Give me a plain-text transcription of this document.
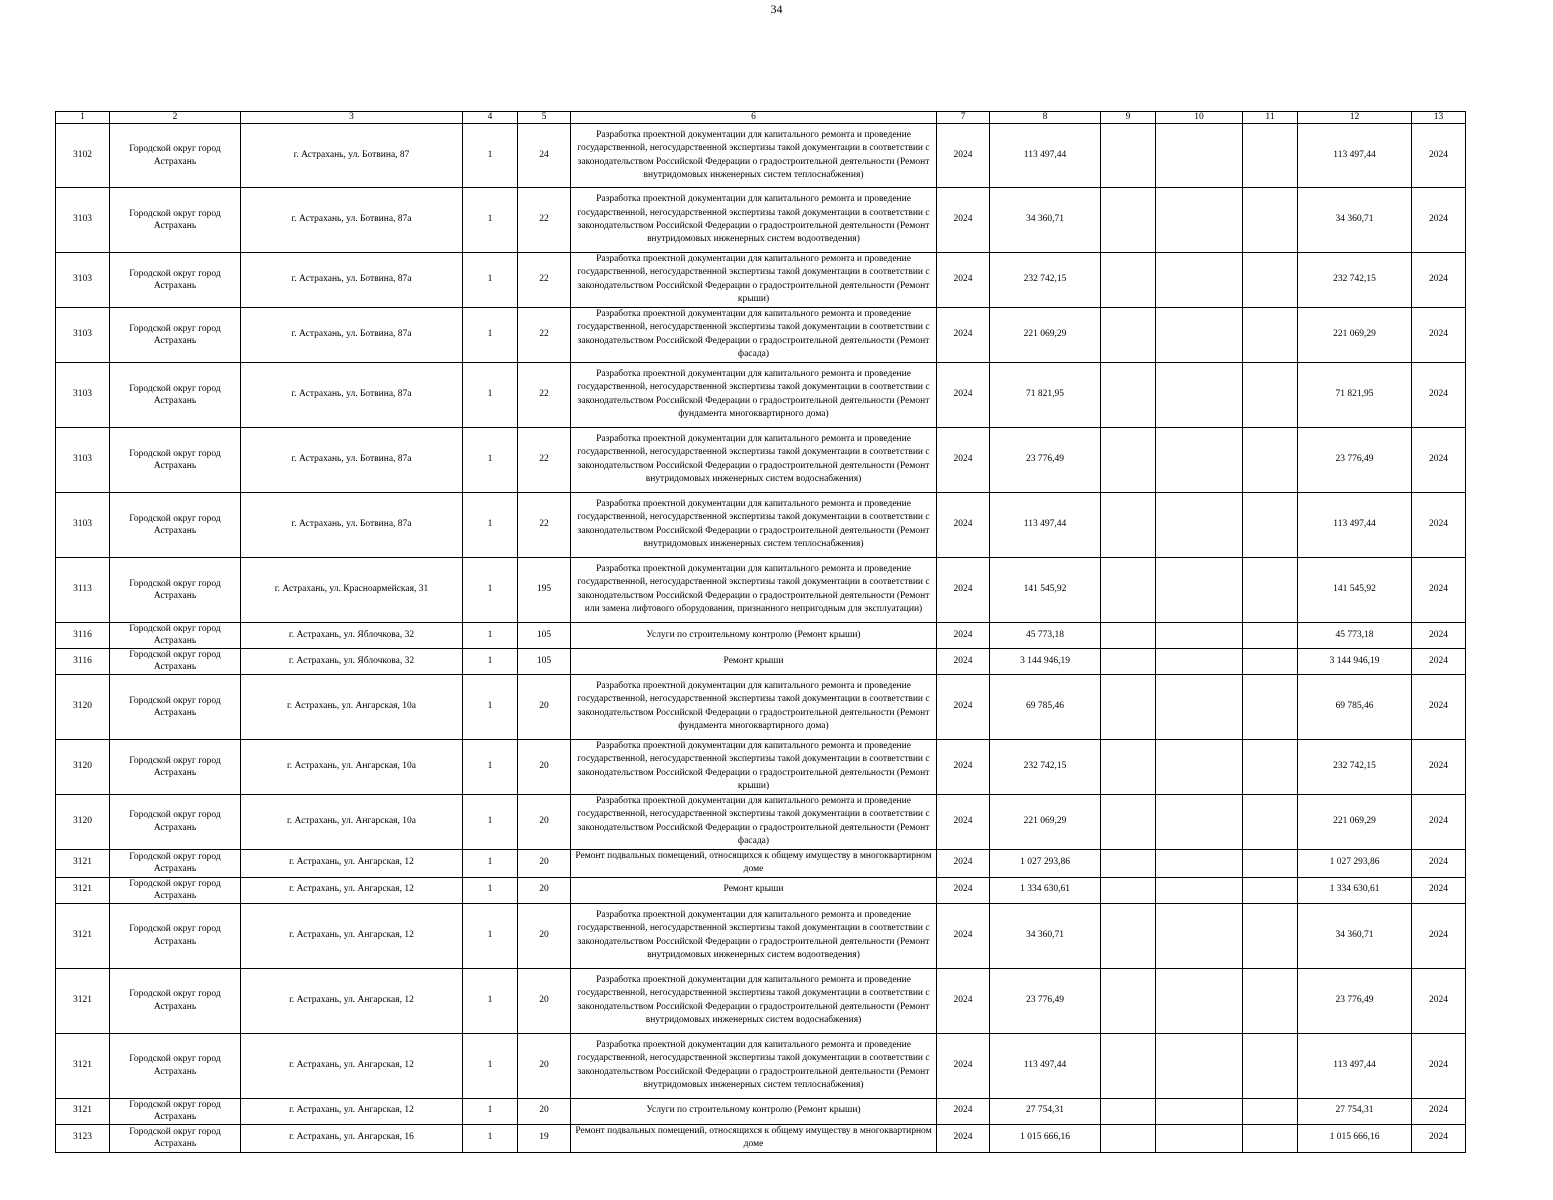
34
1	2	3	4	5	6	7	8	9	10	11	12	13
3102	Городской округ город Астрахань	г. Астрахань, ул. Ботвина, 87	1	24	Разработка проектной документации для капитального ремонта и проведение государственной, негосударственной экспертизы такой документации в соответствии с законодательством Российской Федерации о градостроительной деятельности (Ремонт внутридомовых инженерных систем теплоснабжения)	2024	113 497,44				113 497,44	2024
3103	Городской округ город Астрахань	г. Астрахань, ул. Ботвина, 87а	1	22	Разработка проектной документации для капитального ремонта и проведение государственной, негосударственной экспертизы такой документации в соответствии с законодательством Российской Федерации о градостроительной деятельности (Ремонт внутридомовых инженерных систем водоотведения)	2024	34 360,71				34 360,71	2024
3103	Городской округ город Астрахань	г. Астрахань, ул. Ботвина, 87а	1	22	Разработка проектной документации для капитального ремонта и проведение государственной, негосударственной экспертизы такой документации в соответствии с законодательством Российской Федерации о градостроительной деятельности (Ремонт крыши)	2024	232 742,15				232 742,15	2024
3103	Городской округ город Астрахань	г. Астрахань, ул. Ботвина, 87а	1	22	Разработка проектной документации для капитального ремонта и проведение государственной, негосударственной экспертизы такой документации в соответствии с законодательством Российской Федерации о градостроительной деятельности (Ремонт фасада)	2024	221 069,29				221 069,29	2024
3103	Городской округ город Астрахань	г. Астрахань, ул. Ботвина, 87а	1	22	Разработка проектной документации для капитального ремонта и проведение государственной, негосударственной экспертизы такой документации в соответствии с законодательством Российской Федерации о градостроительной деятельности (Ремонт фундамента многоквартирного дома)	2024	71 821,95				71 821,95	2024
3103	Городской округ город Астрахань	г. Астрахань, ул. Ботвина, 87а	1	22	Разработка проектной документации для капитального ремонта и проведение государственной, негосударственной экспертизы такой документации в соответствии с законодательством Российской Федерации о градостроительной деятельности (Ремонт внутридомовых инженерных систем водоснабжения)	2024	23 776,49				23 776,49	2024
3103	Городской округ город Астрахань	г. Астрахань, ул. Ботвина, 87а	1	22	Разработка проектной документации для капитального ремонта и проведение государственной, негосударственной экспертизы такой документации в соответствии с законодательством Российской Федерации о градостроительной деятельности (Ремонт внутридомовых инженерных систем теплоснабжения)	2024	113 497,44				113 497,44	2024
3113	Городской округ город Астрахань	г. Астрахань, ул. Красноармейская, 31	1	195	Разработка проектной документации для капитального ремонта и проведение государственной, негосударственной экспертизы такой документации в соответствии с законодательством Российской Федерации о градостроительной деятельности (Ремонт или замена лифтового оборудования, признанного непригодным для эксплуатации)	2024	141 545,92				141 545,92	2024
3116	Городской округ город Астрахань	г. Астрахань, ул. Яблочкова, 32	1	105	Услуги по строительному контролю (Ремонт крыши)	2024	45 773,18				45 773,18	2024
3116	Городской округ город Астрахань	г. Астрахань, ул. Яблочкова, 32	1	105	Ремонт крыши	2024	3 144 946,19				3 144 946,19	2024
3120	Городской округ город Астрахань	г. Астрахань, ул. Ангарская, 10а	1	20	Разработка проектной документации для капитального ремонта и проведение государственной, негосударственной экспертизы такой документации в соответствии с законодательством Российской Федерации о градостроительной деятельности (Ремонт фундамента многоквартирного дома)	2024	69 785,46				69 785,46	2024
3120	Городской округ город Астрахань	г. Астрахань, ул. Ангарская, 10а	1	20	Разработка проектной документации для капитального ремонта и проведение государственной, негосударственной экспертизы такой документации в соответствии с законодательством Российской Федерации о градостроительной деятельности (Ремонт крыши)	2024	232 742,15				232 742,15	2024
3120	Городской округ город Астрахань	г. Астрахань, ул. Ангарская, 10а	1	20	Разработка проектной документации для капитального ремонта и проведение государственной, негосударственной экспертизы такой документации в соответствии с законодательством Российской Федерации о градостроительной деятельности (Ремонт фасада)	2024	221 069,29				221 069,29	2024
3121	Городской округ город Астрахань	г. Астрахань, ул. Ангарская, 12	1	20	Ремонт подвальных помещений, относящихся к общему имуществу в многоквартирном доме	2024	1 027 293,86				1 027 293,86	2024
3121	Городской округ город Астрахань	г. Астрахань, ул. Ангарская, 12	1	20	Ремонт крыши	2024	1 334 630,61				1 334 630,61	2024
3121	Городской округ город Астрахань	г. Астрахань, ул. Ангарская, 12	1	20	Разработка проектной документации для капитального ремонта и проведение государственной, негосударственной экспертизы такой документации в соответствии с законодательством Российской Федерации о градостроительной деятельности (Ремонт внутридомовых инженерных систем водоотведения)	2024	34 360,71				34 360,71	2024
3121	Городской округ город Астрахань	г. Астрахань, ул. Ангарская, 12	1	20	Разработка проектной документации для капитального ремонта и проведение государственной, негосударственной экспертизы такой документации в соответствии с законодательством Российской Федерации о градостроительной деятельности (Ремонт внутридомовых инженерных систем водоснабжения)	2024	23 776,49				23 776,49	2024
3121	Городской округ город Астрахань	г. Астрахань, ул. Ангарская, 12	1	20	Разработка проектной документации для капитального ремонта и проведение государственной, негосударственной экспертизы такой документации в соответствии с законодательством Российской Федерации о градостроительной деятельности (Ремонт внутридомовых инженерных систем теплоснабжения)	2024	113 497,44				113 497,44	2024
3121	Городской округ город Астрахань	г. Астрахань, ул. Ангарская, 12	1	20	Услуги по строительному контролю (Ремонт крыши)	2024	27 754,31				27 754,31	2024
3123	Городской округ город Астрахань	г. Астрахань, ул. Ангарская, 16	1	19	Ремонт подвальных помещений, относящихся к общему имуществу в многоквартирном доме	2024	1 015 666,16				1 015 666,16	2024
